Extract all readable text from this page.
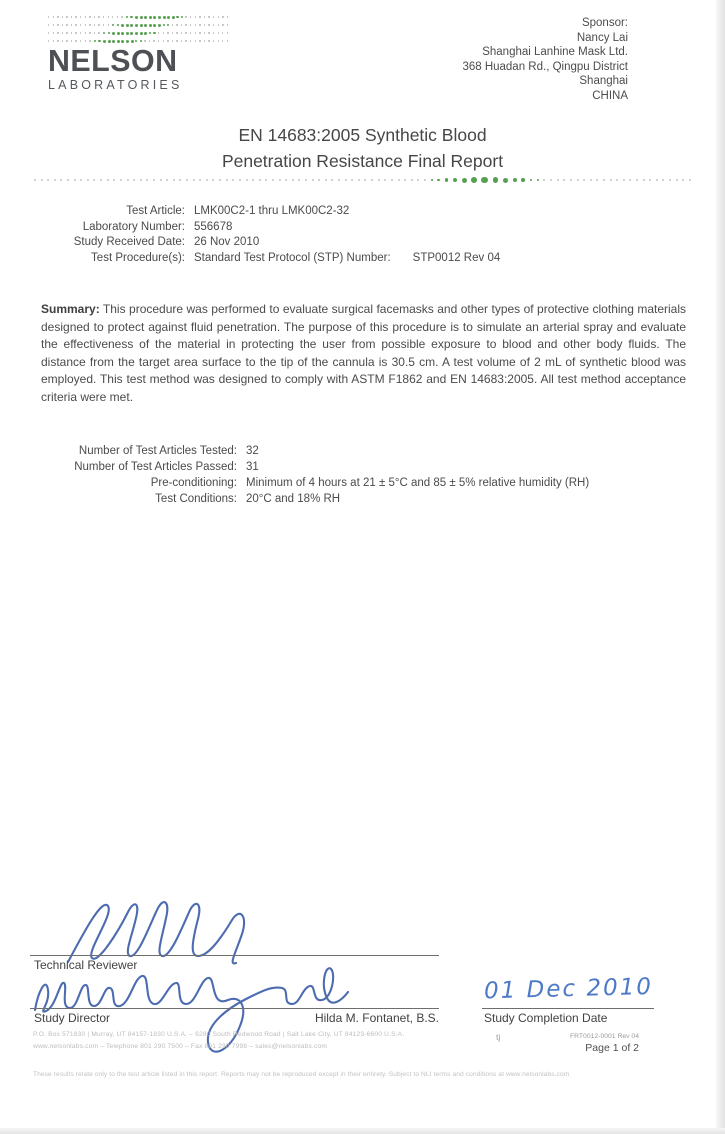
NELSON
LABORATORIES
Sponsor:
Nancy Lai
Shanghai Lanhine Mask Ltd.
368 Huadan Rd., Qingpu District
Shanghai
CHINA
EN 14683:2005 Synthetic Blood
Penetration Resistance Final Report
Test Article: LMK00C2-1 thru LMK00C2-32
Laboratory Number: 556678
Study Received Date: 26 Nov 2010
Test Procedure(s): Standard Test Protocol (STP) Number:	STP0012 Rev 04
Summary: This procedure was performed to evaluate surgical facemasks and other types of protective clothing materials designed to protect against fluid penetration. The purpose of this procedure is to simulate an arterial spray and evaluate the effectiveness of the material in protecting the user from possible exposure to blood and other body fluids. The distance from the target area surface to the tip of the cannula is 30.5 cm. A test volume of 2 mL of synthetic blood was employed. This test method was designed to comply with ASTM F1862 and EN 14683:2005. All test method acceptance criteria were met.
Number of Test Articles Tested: 32
Number of Test Articles Passed: 31
Pre-conditioning: Minimum of 4 hours at 21 ± 5°C and 85 ± 5% relative humidity (RH)
Test Conditions: 20°C and 18% RH
Technical Reviewer
Study Director	Hilda M. Fontanet, B.S.
01 Dec 2010
Study Completion Date
P.O. Box 571830 | Murray, UT 84157-1830 U.S.A. – 6280 South Redwood Road | Salt Lake City, UT 84123-6600 U.S.A.
www.nelsonlabs.com – Telephone 801 290 7500 – Fax 801 290 7998 – sales@nelsonlabs.com
tj	FRT0012-0001 Rev 04
Page 1 of 2
These results relate only to the test article listed in this report. Reports may not be reproduced except in their entirety. Subject to NLI terms and conditions at www.nelsonlabs.com
